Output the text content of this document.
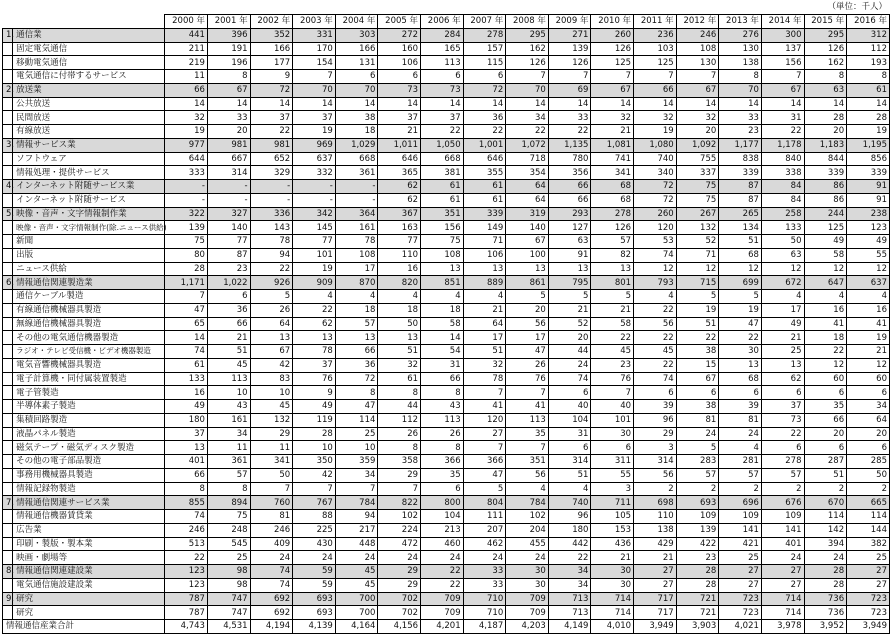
（単位：千人）
		2000 年	2001 年	2002 年	2003 年	2004 年	2005 年	2006 年	2007 年	2008 年	2009 年	2010 年	2011 年	2012 年	2013 年	2014 年	2015 年	2016 年
1.	通信業	441	396	352	331	303	272	284	278	295	271	260	236	246	276	300	295	312
	固定電気通信	211	191	166	170	166	160	165	157	162	139	126	103	108	130	137	126	112
	移動電気通信	219	196	177	154	131	106	113	115	126	126	125	125	130	138	156	162	193
	電気通信に付帯するサービス	11	8	9	7	6	6	6	6	7	7	7	7	7	8	7	8	8
2.	放送業	66	67	72	70	70	73	73	72	70	69	67	66	67	70	67	63	61
	公共放送	14	14	14	14	14	14	14	14	14	14	14	14	14	14	14	14	14
	民間放送	32	33	37	37	38	37	37	36	34	33	32	32	32	33	31	28	28
	有線放送	19	20	22	19	18	21	22	22	22	22	21	19	20	23	22	20	19
3.	情報サービス業	977	981	981	969	1,029	1,011	1,050	1,001	1,072	1,135	1,081	1,080	1,092	1,177	1,178	1,183	1,195
	ソフトウェア	644	667	652	637	668	646	668	646	718	780	741	740	755	838	840	844	856
	情報処理・提供サービス	333	314	329	332	361	365	381	355	354	356	341	340	337	339	338	339	339
4.	インターネット附随サービス業	-	-	-	-	-	62	61	61	64	66	68	72	75	87	84	86	91
	インターネット附随サービス	-	-	-	-	-	62	61	61	64	66	68	72	75	87	84	86	91
5.	映像・音声・文字情報制作業	322	327	336	342	364	367	351	339	319	293	278	260	267	265	258	244	238
	映像・音声・文字情報制作(除.ニュース供給)	139	140	143	145	161	163	156	149	140	127	126	120	132	134	133	125	123
	新聞	75	77	78	77	78	77	75	71	67	63	57	53	52	51	50	49	49
	出版	80	87	94	101	108	110	108	106	100	91	82	74	71	68	63	58	55
	ニュース供給	28	23	22	19	17	16	13	13	13	13	13	12	12	12	12	12	12
6.	情報通信関連製造業	1,171	1,022	926	909	870	820	851	889	861	795	801	793	715	699	672	647	637
	通信ケーブル製造	7	6	5	4	4	4	4	4	5	5	5	4	5	5	4	4	4
	有線通信機械器具製造	47	36	26	22	18	18	18	21	20	21	21	22	19	19	17	16	16
	無線通信機械器具製造	65	66	64	62	57	50	58	64	56	52	58	56	51	47	49	41	41
	その他の電気通信機器製造	14	21	13	13	13	13	14	17	17	20	22	22	22	22	21	18	19
	ラジオ・テレビ受信機・ビデオ機器製造	74	51	67	78	66	51	54	51	47	44	45	45	38	30	25	22	21
	電気音響機械器具製造	61	45	42	37	36	32	31	32	26	24	23	22	15	13	13	12	12
	電子計算機・同付属装置製造	133	113	83	76	72	61	66	78	76	74	76	74	67	68	62	60	60
	電子管製造	16	10	10	9	8	8	8	7	7	6	7	6	6	6	6	6	6
	半導体素子製造	49	43	45	49	47	44	43	41	41	40	40	39	38	39	37	35	34
	集積回路製造	180	161	132	119	114	112	113	120	113	104	101	96	81	81	73	66	64
	液晶パネル製造	37	34	29	28	25	26	26	27	35	31	30	29	24	24	22	20	20
	磁気テープ・磁気ディスク製造	13	11	11	10	10	8	8	7	7	6	6	3	5	4	6	6	6
	その他の電子部品製造	401	361	341	350	359	358	366	366	351	314	311	314	283	281	278	287	285
	事務用機械器具製造	66	57	50	42	34	29	35	47	56	51	55	56	57	57	57	51	50
	情報記録物製造	8	8	7	7	7	7	6	5	4	4	3	2	2	2	2	2	2
7.	情報通信関連サービス業	855	894	760	767	784	822	800	804	784	740	711	698	693	696	676	670	665
	情報通信機器賃貸業	74	75	81	88	94	102	104	111	102	96	105	110	109	109	109	114	114
	広告業	246	248	246	225	217	224	213	207	204	180	153	138	139	141	141	142	144
	印刷・製版・製本業	513	545	409	430	448	472	460	462	455	442	436	429	422	421	401	394	382
	映画・劇場等	22	25	24	24	24	24	24	24	24	22	21	21	23	25	24	24	25
8.	情報通信関連建設業	123	98	74	59	45	29	22	33	30	34	30	27	28	27	27	28	27
	電気通信施設建設業	123	98	74	59	45	29	22	33	30	34	30	27	28	27	27	28	27
9.	研究	787	747	692	693	700	702	709	710	709	713	714	717	721	723	714	736	723
	研究	787	747	692	693	700	702	709	710	709	713	714	717	721	723	714	736	723
情報通信産業合計		4,743	4,531	4,194	4,139	4,164	4,156	4,201	4,187	4,203	4,149	4,010	3,949	3,903	4,021	3,978	3,952	3,949
